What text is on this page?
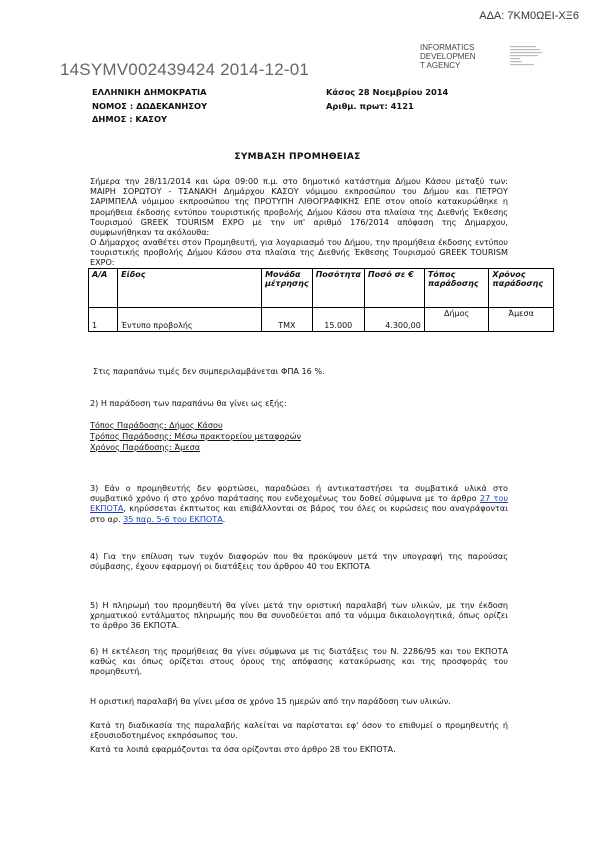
ΑΔΑ: 7ΚΜ0ΩΕΙ-ΧΞ6
INFORMATICS
DEVELOPMEN
T AGENCY
14SYMV002439424 2014-12-01
ΕΛΛΗΝΙΚΗ ΔΗΜΟΚΡΑΤΙΑ
ΝΟΜΟΣ : ΔΩΔΕΚΑΝΗΣΟΥ
ΔΗΜΟΣ : ΚΑΣΟΥ
Κάσος 28 Νοεμβρίου 2014
Αριθμ. πρωτ: 4121
ΣΥΜΒΑΣΗ ΠΡΟΜΗΘΕΙΑΣ
Σήμερα την 28/11/2014 και ώρα 09:00 π.μ. στο δημοτικό κατάστημα Δήμου Κάσου μεταξύ των: ΜΑΙΡΗ ΣΟΡΩΤΟΥ - ΤΣΑΝΑΚΗ Δημάρχου ΚΑΣΟΥ νόμιμου εκπροσώπου του Δήμου και ΠΕΤΡΟΥ ΣΑΡΙΜΠΕΛΑ νόμιμου εκπροσώπου της ΠΡΟΤΥΠΗ ΛΙΘΟΓΡΑΦΙΚΗΣ ΕΠΕ στον οποίο κατακυρώθηκε η προμήθεια έκδοσης εντύπου τουριστικής προβολής Δήμου Κάσου στα πλαίσια της Διεθνής Έκθεσης Τουρισμού GREEK TOURISM EXPO με την υπ' αριθμό 176/2014 απόφαση της Δημαρχου, συμφωνήθηκαν τα ακόλουθα:
Ο Δήμαρχος αναθέτει στον Προμηθευτή, για λογαριασμό του Δήμου, την προμήθεια έκδοσης εντύπου τουριστικής προβολής Δήμου Κάσου στα πλαίσια της Διεθνής Έκθεσης Τουρισμού GREEK TOURISM EXPO:
Α/Α	Είδος	Μονάδα μέτρησης	Ποσότητα	Ποσό σε €	Τόπος παράδοσης	Χρόνος παράδοσης
1	Έντυπο προβολής	ΤΜΧ	15.000	4.300,00	Δήμος	Άμεσα
Στις παραπάνω τιμές δεν συμπεριλαμβάνεται ΦΠΑ 16 %.
2) Η παράδοση των παραπάνω θα γίνει ως εξής:
Τόπος Παράδοσης: Δήμος Κάσου
Τρόπος Παράδοσης: Μέσω πρακτορείου μεταφορών
Χρόνος Παράδοσης: Άμεσα
3) Εάν ο προμηθευτής δεν φορτώσει, παραδώσει ή αντικαταστήσει τα συμβατικά υλικά στο συμβατικό χρόνο ή στο χρόνο παράτασης που ενδεχομένως του δοθεί σύμφωνα με το άρθρο 27 του ΕΚΠΟΤΑ, κηρύσσεται έκπτωτος και επιβάλλονται σε βάρος του όλες οι κυρώσεις που αναγράφονται στο αρ. 35 παρ. 5-6 του ΕΚΠΟΤΑ.
4) Για την επίλυση των τυχόν διαφορών που θα προκύψουν μετά την υπογραφή της παρούσας σύμβασης, έχουν εφαρμογή οι διατάξεις του άρθρου 40 του ΕΚΠΟΤΑ
5) Η πληρωμή του προμηθευτή θα γίνει μετά την οριστική παραλαβή των υλικών, με την έκδοση χρηματικού εντάλματος πληρωμής που θα συνοδεύεται από τα νόμιμα δικαιολογητικά, όπως ορίζει το άρθρο 36 ΕΚΠΟΤΑ.
6) Η εκτέλεση της προμήθειας θα γίνει σύμφωνα με τις διατάξεις του Ν. 2286/95 και του ΕΚΠΟΤΑ καθώς και όπως ορίζεται στους όρους της απόφασης κατακύρωσης και της προσφοράς του προμηθευτή.
Η οριστική παραλαβή θα γίνει μέσα σε χρόνο 15 ημερών από την παράδοση των υλικών.
Κατά τη διαδικασία της παραλαβής καλείται να παρίσταται εφ' όσον το επιθυμεί ο προμηθευτής ή εξουσιοδοτημένος εκπρόσωπος του.
Κατά τα λοιπά εφαρμόζονται τα όσα ορίζονται στο άρθρο 28 του ΕΚΠΟΤΑ.
